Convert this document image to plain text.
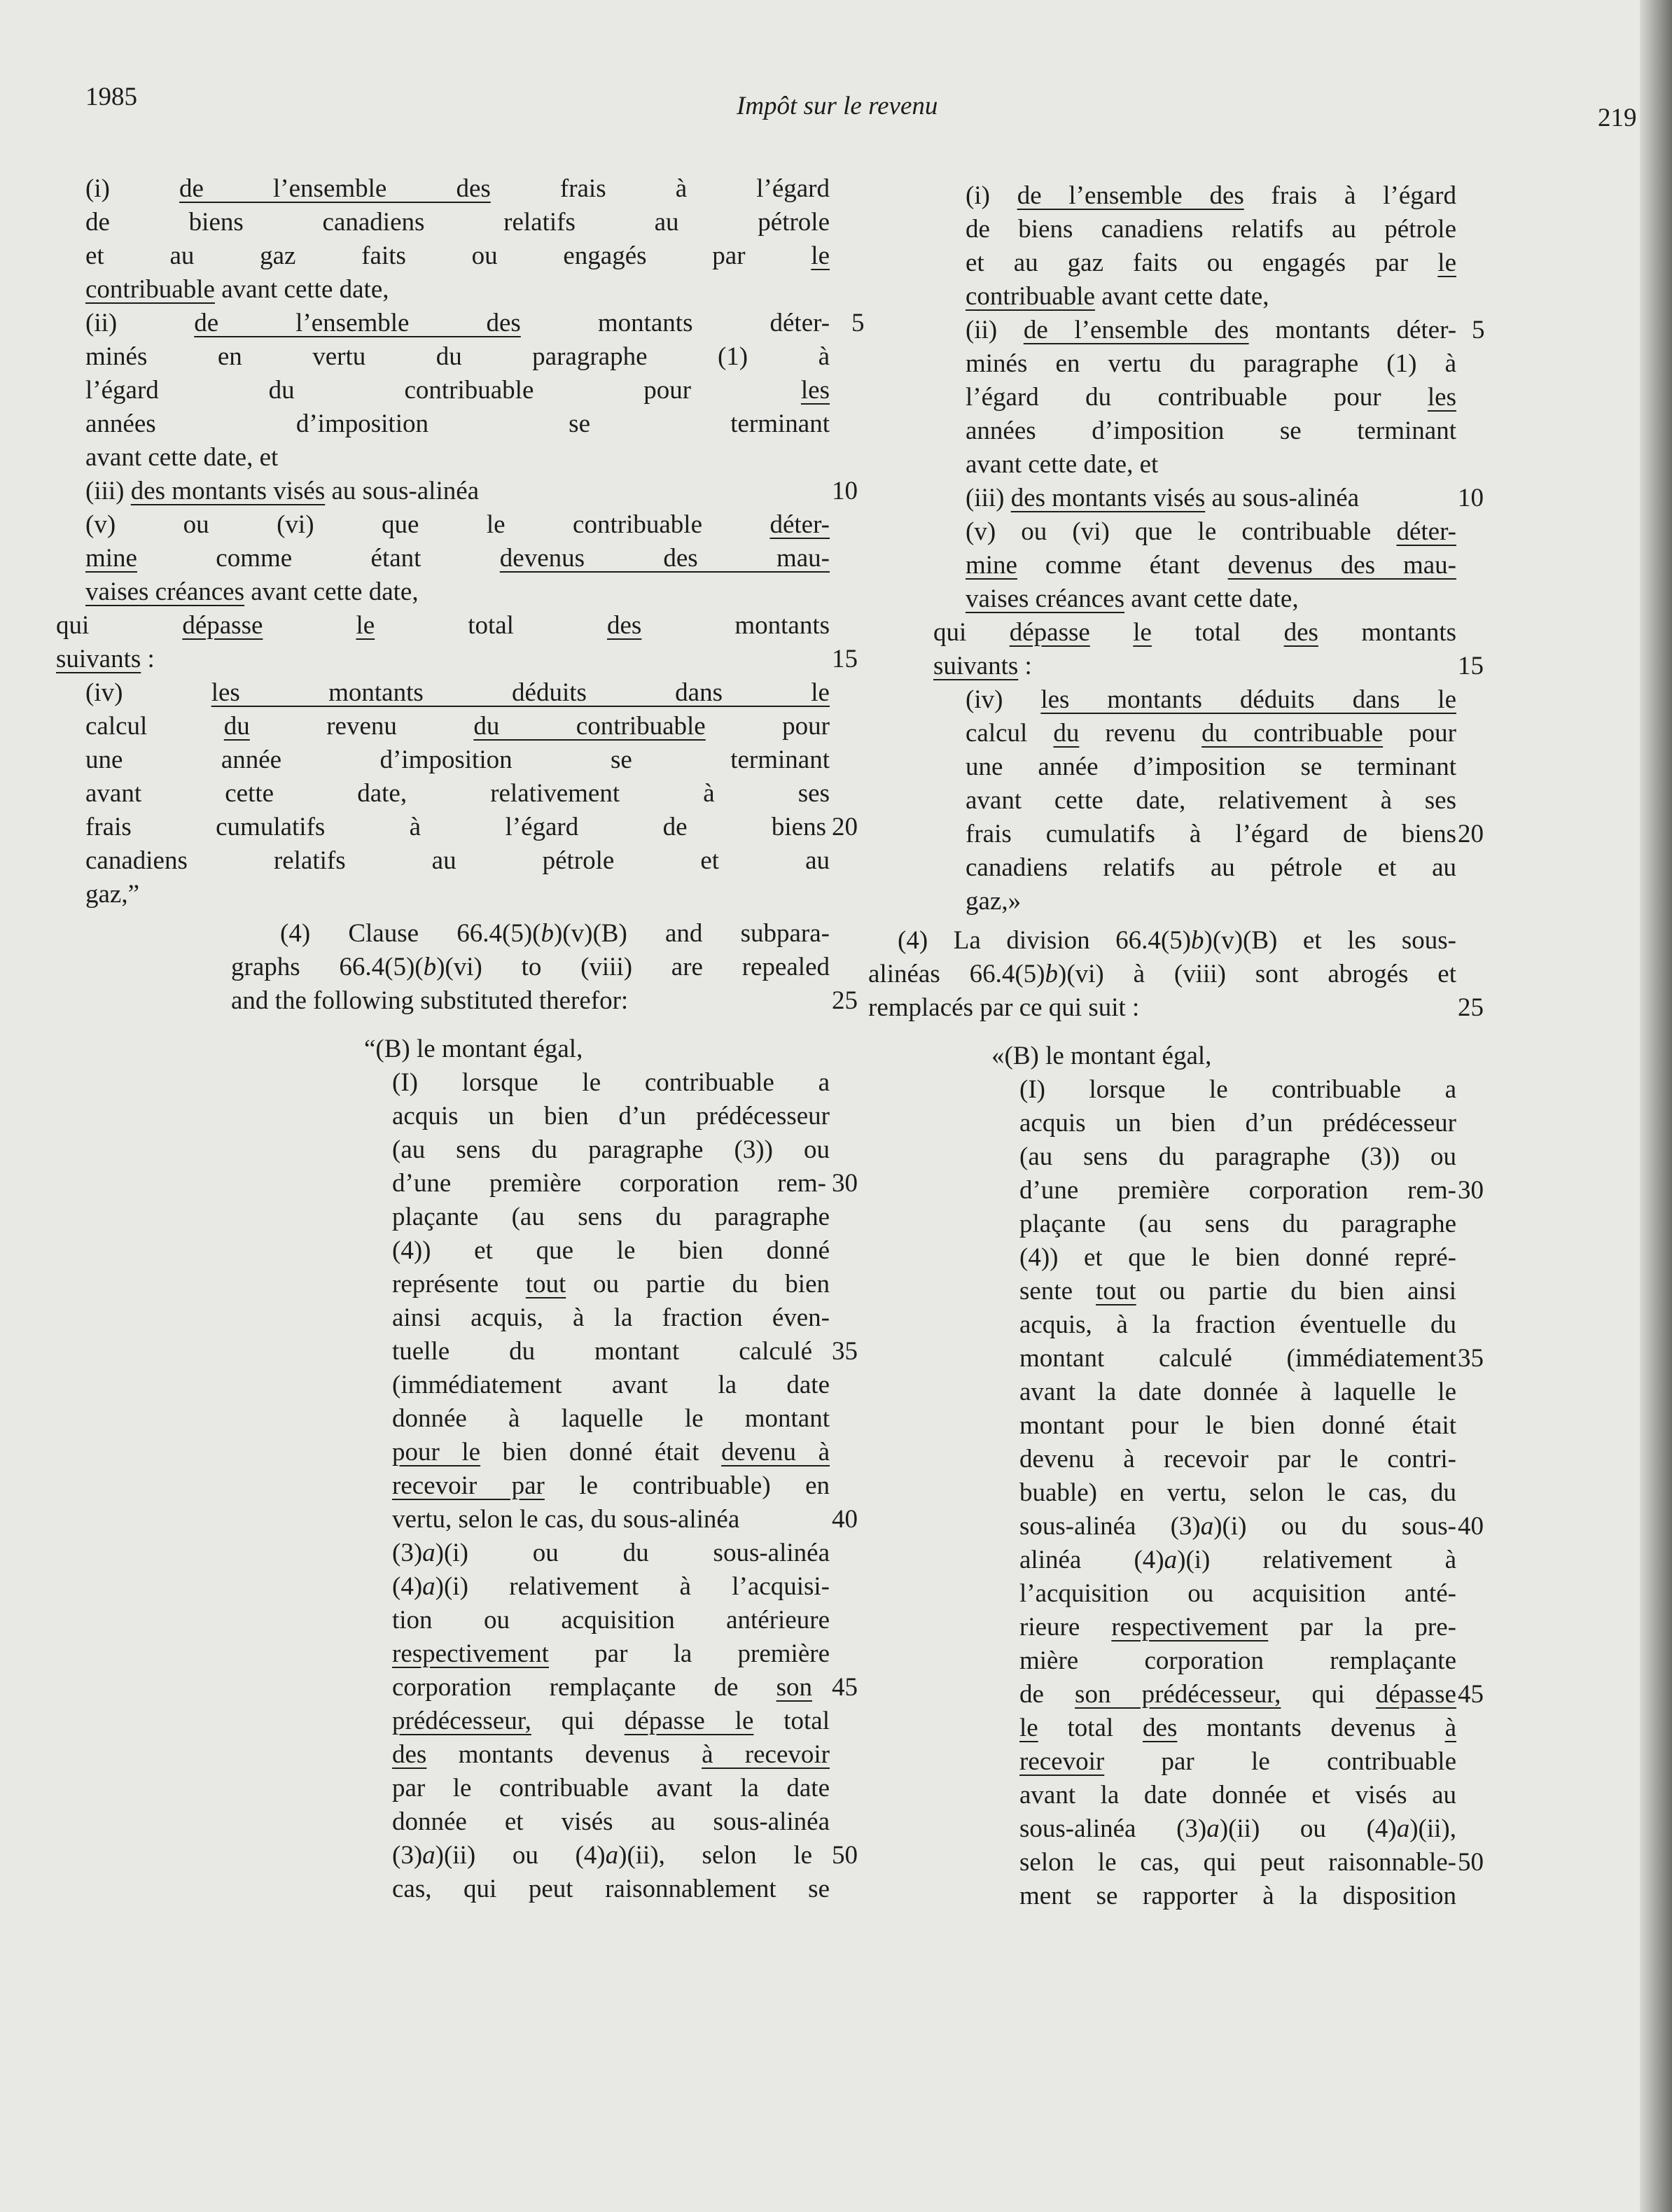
1985	Impôt sur le revenu	219
(i) de l’ensemble des frais à l’égard
de biens canadiens relatifs au pétrole
et au gaz faits ou engagés par le
contribuable avant cette date,
(ii) de l’ensemble des montants déter-
minés en vertu du paragraphe (1) à
l’égard du contribuable pour les
années d’imposition se terminant
avant cette date, et
(iii) des montants visés au sous-alinéa
(v) ou (vi) que le contribuable déter-
mine comme étant devenus des mau-
vaises créances avant cette date,
qui dépasse	le total des montants
suivants :
(iv) les montants déduits dans le
calcul du revenu du contribuable pour
une année d’imposition se terminant
avant cette date, relativement à ses
frais cumulatifs à l’égard de biens
canadiens relatifs au pétrole et au
gaz,”
(4) Clause 66.4(5)(b)(v)(B) and subpara-
graphs 66.4(5)(b)(vi) to (viii) are repealed
and the following substituted therefor:
“(B) le montant égal,
(I) lorsque le contribuable a
acquis un bien d’un prédécesseur
(au sens du paragraphe (3)) ou
d’une première corporation rem-
plaçante (au sens du paragraphe
(4)) et que le bien donné
représente tout ou partie du bien
ainsi acquis, à la fraction éven-
tuelle du montant calculé
(immédiatement avant la date
donnée à laquelle le montant
pour le bien donné était devenu à
recevoir par le contribuable) en
vertu, selon le cas, du sous-alinéa
(3)a)(i) ou du sous-alinéa
(4)a)(i) relativement à l’acquisi-
tion ou acquisition antérieure
respectivement par la première
corporation remplaçante de son
prédécesseur, qui dépasse le total
des montants devenus à recevoir
par le contribuable avant la date
donnée et visés au sous-alinéa
(3)a)(ii) ou (4)a)(ii), selon le
cas, qui peut raisonnablement se
(i) de l’ensemble des frais à l’égard
de biens canadiens relatifs au pétrole
et au gaz faits ou engagés par le
contribuable avant cette date,
(ii) de l’ensemble des montants déter-
minés en vertu du paragraphe (1) à
l’égard du contribuable pour les
années d’imposition se terminant
avant cette date, et
(iii) des montants visés au sous-alinéa
(v) ou (vi) que le contribuable déter-
mine comme étant devenus des mau-
vaises créances avant cette date,
qui dépasse le total des montants
suivants :
(iv) les montants déduits dans le
calcul du revenu du contribuable pour
une année d’imposition se terminant
avant cette date, relativement à ses
frais cumulatifs à l’égard de biens
canadiens relatifs au pétrole et au
gaz,»
(4) La division 66.4(5)b)(v)(B) et les sous-
alinéas 66.4(5)b)(vi) à (viii) sont abrogés et
remplacés par ce qui suit :
«(B) le montant égal,
(I) lorsque le contribuable a
acquis un bien d’un prédécesseur
(au sens du paragraphe (3)) ou
d’une première corporation rem-
plaçante (au sens du paragraphe
(4)) et que le bien donné repré-
sente tout ou partie du bien ainsi
acquis, à la fraction éventuelle du
montant calculé (immédiatement
avant la date donnée à laquelle le
montant pour le bien donné était
devenu à recevoir par le contri-
buable) en vertu, selon le cas, du
sous-alinéa (3)a)(i) ou du sous-
alinéa (4)a)(i) relativement à
l’acquisition ou acquisition anté-
rieure respectivement par la pre-
mière corporation remplaçante
de son prédécesseur, qui dépasse
le total des montants devenus à
recevoir par le contribuable
avant la date donnée et visés au
sous-alinéa (3)a)(ii) ou (4)a)(ii),
selon le cas, qui peut raisonnable-
ment se rapporter à la disposition
5
10
15
20
25
30
35
40
45
50
5
10
15
20
25
30
35
40
45
50
